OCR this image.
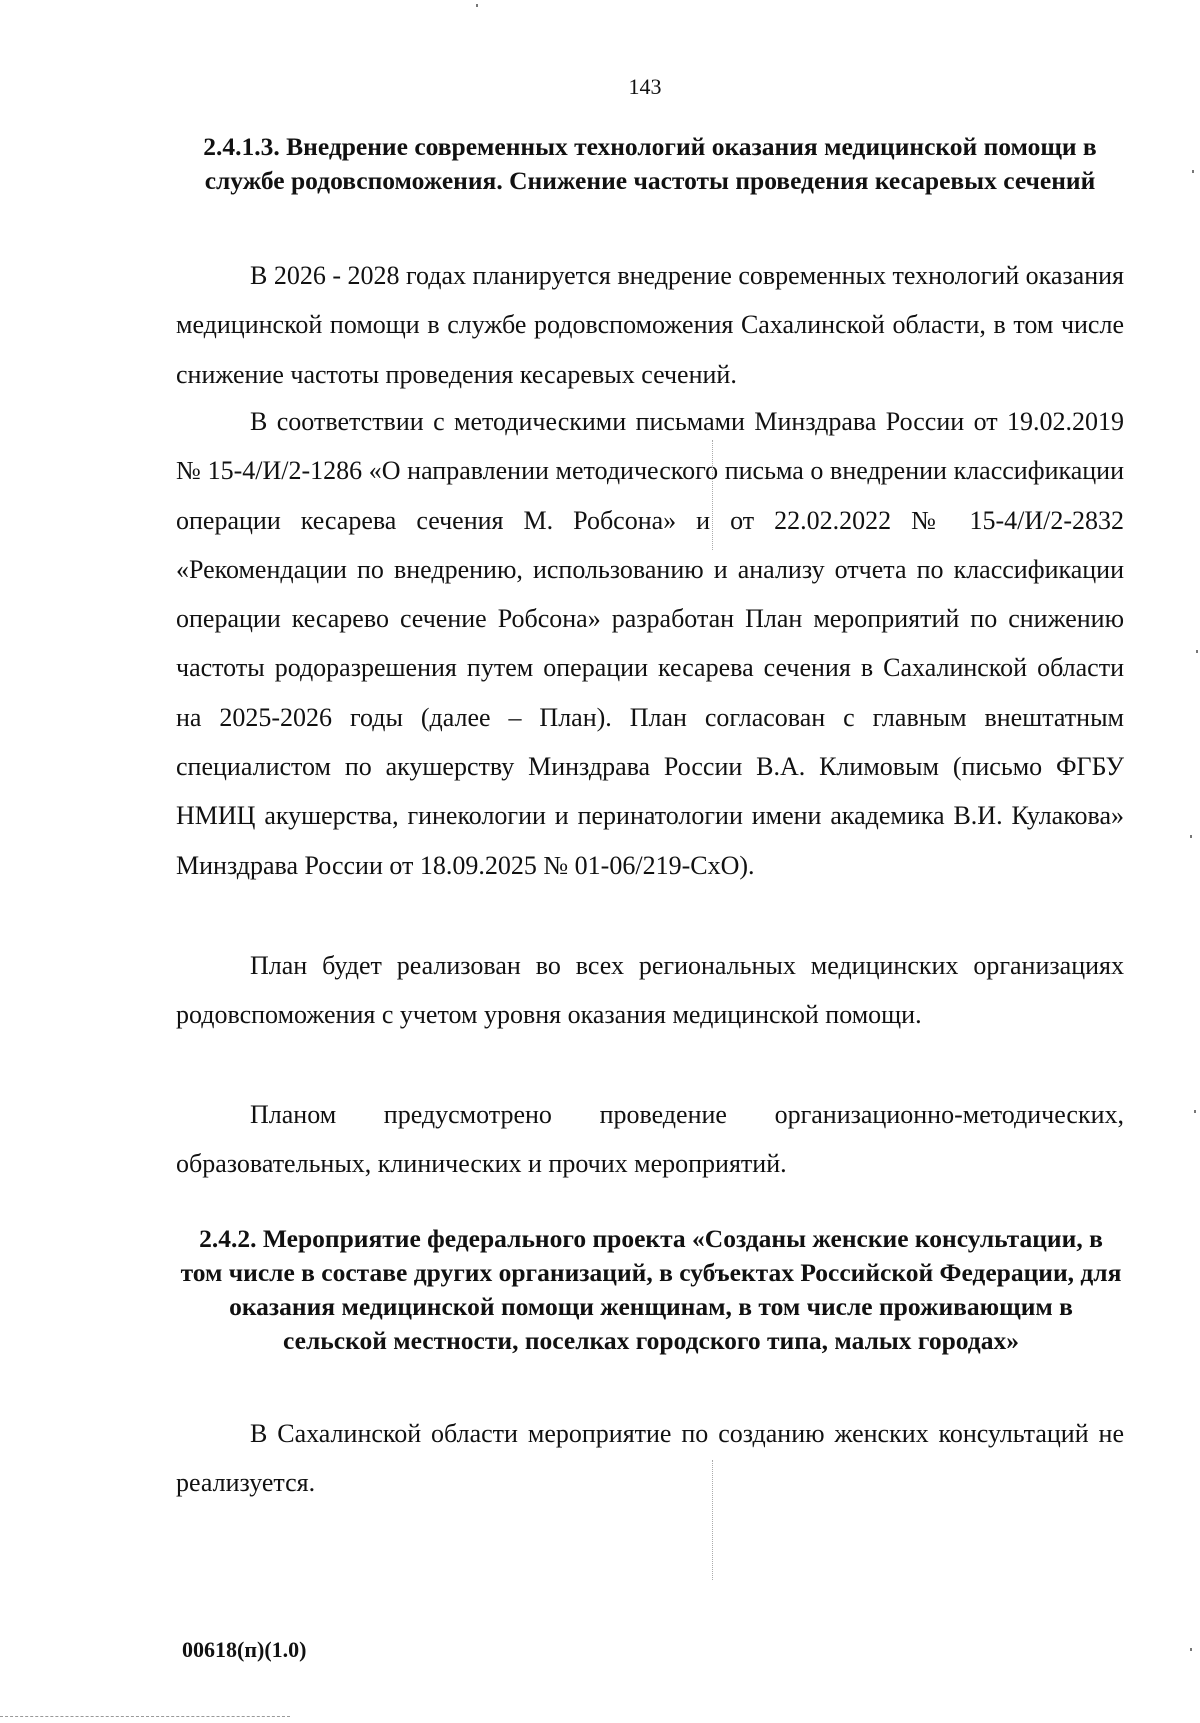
143
2.4.1.3. Внедрение современных технологий оказания медицинской помощи в службе родовспоможения. Снижение частоты проведения кесаревых сечений

В 2026 - 2028 годах планируется внедрение современных технологий оказания медицинской помощи в службе родовспоможения Сахалинской области, в том числе снижение частоты проведения кесаревых сечений.

В соответствии с методическими письмами Минздрава России от 19.02.2019 № 15-4/И/2-1286 «О направлении методического письма о внедрении классификации операции кесарева сечения М. Робсона» и от 22.02.2022 № 15-4/И/2-2832 «Рекомендации по внедрению, использованию и анализу отчета по классификации операции кесарево сечение Робсона» разработан План мероприятий по снижению частоты родоразрешения путем операции кесарева сечения в Сахалинской области на 2025-2026 годы (далее – План). План согласован с главным внештатным специалистом по акушерству Минздрава России В.А. Климовым (письмо ФГБУ НМИЦ акушерства, гинекологии и перинатологии имени академика В.И. Кулакова» Минздрава России от 18.09.2025 № 01-06/219-СхО).

План будет реализован во всех региональных медицинских организациях родовспоможения с учетом уровня оказания медицинской помощи.

Планом предусмотрено проведение организационно-методических, образовательных, клинических и прочих мероприятий.

2.4.2. Мероприятие федерального проекта «Созданы женские консультации, в том числе в составе других организаций, в субъектах Российской Федерации, для оказания медицинской помощи женщинам, в том числе проживающим в сельской местности, поселках городского типа, малых городах»

В Сахалинской области мероприятие по созданию женских консультаций не реализуется.

00618(п)(1.0)
